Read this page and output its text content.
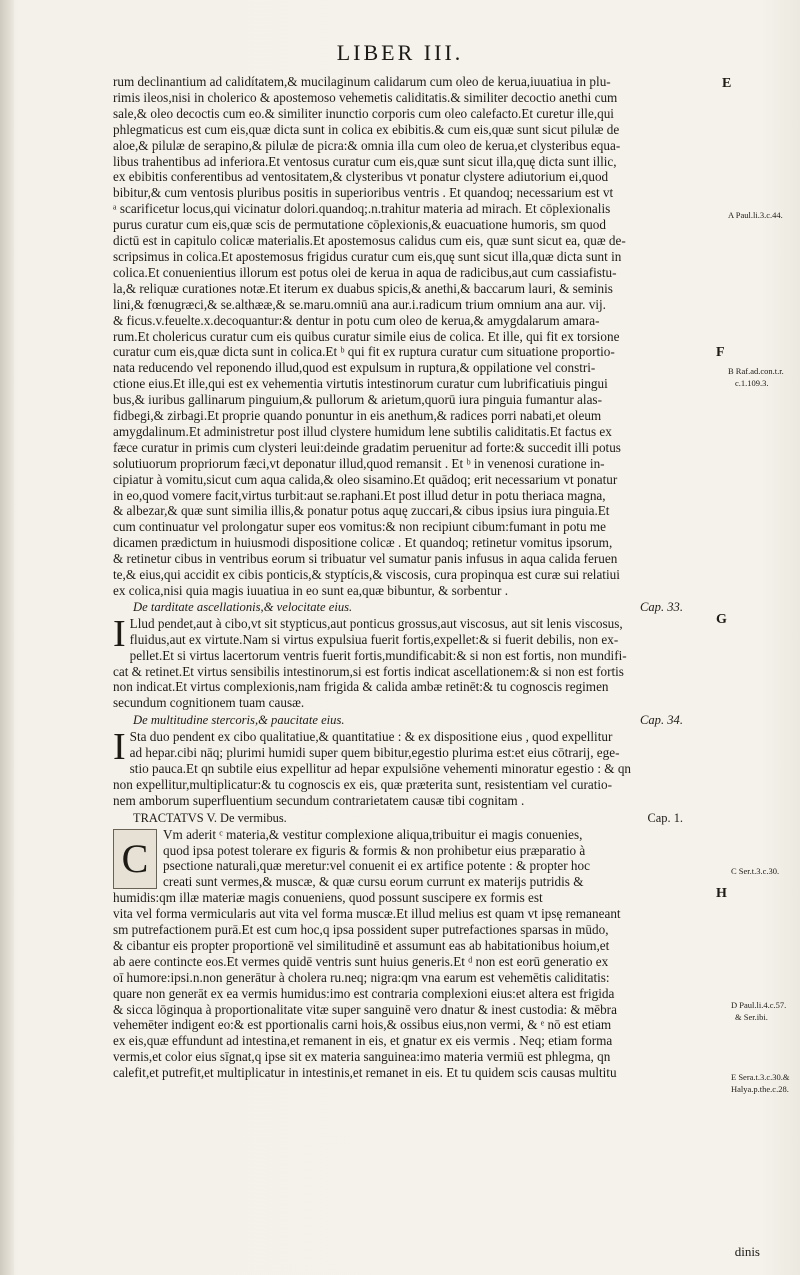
LIBER III.
rum declinantium ad calidítatem,& mucilaginum calidarum cum oleo de kerua,iuuatiua in plu-
rimis ileos,nisi in cholerico & apostemoso vehemetis caliditatis.& similiter decoctio anethi cum
sale,& oleo decoctis cum eo.& similiter inunctio corporis cum oleo calefacto.Et curetur ille,qui
phlegmaticus est cum eis,quæ dicta sunt in colica ex ebibitis.& cum eis,quæ sunt sicut pilulæ de
aloe,& pilulæ de serapino,& pilulæ de picra:& omnia illa cum oleo de kerua,et clysteribus equa-
libus trahentibus ad inferiora.Et ventosus curatur cum eis,quæ sunt sicut illa,quę dicta sunt illic,
ex ebibitis conferentibus ad ventositatem,& clysteribus vt ponatur clystere adiutorium ei,quod
bibitur,& cum ventosis pluribus positis in superioribus ventris . Et quandoq; necessarium est vt
ᵃ scarificetur locus,qui vicinatur dolori.quandoq;.n.trahitur materia ad mirach. Et cōplexionalis
purus curatur cum eis,quæ scis de permutatione cōplexionis,& euacuatione humoris, sm quod
dictū est in capitulo colicæ materialis.Et apostemosus calidus cum eis, quæ sunt sicut ea, quæ de-
scripsimus in colica.Et apostemosus frigidus curatur cum eis,quę sunt sicut illa,quæ dicta sunt in
colica.Et conuenientius illorum est potus olei de kerua in aqua de radicibus,aut cum cassiafistu-
la,& reliquæ curationes notæ.Et iterum ex duabus spicis,& anethi,& baccarum lauri, & seminis
lini,& fœnugræci,& se.althææ,& se.maru.omniū ana aur.i.radicum trium omnium ana aur. vij.
& ficus.v.feuelte.x.decoquantur:& dentur in potu cum oleo de kerua,& amygdalarum amara-
rum.Et cholericus curatur cum eis quibus curatur simile eius de colica. Et ille, qui fit ex torsione
curatur cum eis,quæ dicta sunt in colica.Et ᵇ qui fit ex ruptura curatur cum situatione proportio-
nata reducendo vel reponendo illud,quod est expulsum in ruptura,& oppilatione vel constri-
ctione eius.Et ille,qui est ex vehementia virtutis intestinorum curatur cum lubrificatiuis pingui
bus,& iuribus gallinarum pinguium,& pullorum & arietum,quorū iura pinguia fumantur alas-
fidbegi,& zirbagi.Et proprie quando ponuntur in eis anethum,& radices porri nabati,et oleum
amygdalinum.Et administretur post illud clystere humidum lene subtilis caliditatis.Et factus ex
fæce curatur in primis cum clysteri leui:deinde gradatim peruenitur ad forte:& succedit illi potus
solutiuorum propriorum fæci,vt deponatur illud,quod remansit . Et ᵇ in venenosi curatione in-
cipiatur à vomitu,sicut cum aqua calida,& oleo sisamino.Et quādoq; erit necessarium vt ponatur
in eo,quod vomere facit,virtus turbit:aut se.raphani.Et post illud detur in potu theriaca magna,
& albezar,& quæ sunt similia illis,& ponatur potus aquę zuccari,& cibus ipsius iura pinguia.Et
cum continuatur vel prolongatur super eos vomitus:& non recipiunt cibum:fumant in potu me
dicamen prædictum in huiusmodi dispositione colicæ . Et quandoq; retinetur vomitus ipsorum,
& retinetur cibus in ventribus eorum si tribuatur vel sumatur panis infusus in aqua calida feruen
te,& eius,qui accidit ex cibis ponticis,& styptícis,& viscosis, cura propinqua est curæ sui relatiui
ex colica,nisi quia magis iuuatiua in eo sunt ea,quæ bibuntur, & sorbentur .
De tarditate ascellationis,& velocitate eius.	Cap. 33.
I Llud pendet,aut à cibo,vt sit stypticus,aut ponticus grossus,aut viscosus, aut sit lenis viscosus,
fluidus,aut ex virtute.Nam si virtus expulsiua fuerit fortis,expellet:& si fuerit debilis, non ex-
pellet.Et si virtus lacertorum ventris fuerit fortis,mundificabit:& si non est fortis, non mundifi-
cat & retinet.Et virtus sensibilis intestinorum,si est fortis indicat ascellationem:& si non est fortis
non indicat.Et virtus complexionis,nam frigida & calida ambæ retinēt:& tu cognoscis regimen
secundum cognitionem tuam causæ.
De multitudine stercoris,& paucitate eius.	Cap. 34.
I Sta duo pendent ex cibo qualitatiue,& quantitatiue : & ex dispositione eius , quod expellitur
ad hepar.cibi nāq; plurimi humidi super quem bibitur,egestio plurima est:et eius cōtrarij, ege-
stio pauca.Et qn subtile eius expellitur ad hepar expulsiōne vehementi minoratur egestio : & qn
non expellitur,multiplicatur:& tu cognoscis ex eis, quæ præterita sunt, resistentiam vel curatio-
nem amborum superfluentium secundum contrarietatem causæ tibi cognitam .
TRACTATVS V. De vermibus.	Cap. 1.
C
Vm aderit ᶜ materia,& vestitur complexione aliqua,tribuitur ei magis conuenies,
quod ipsa potest tolerare ex figuris & formis & non prohibetur eius præparatio à
psectione naturali,quæ meretur:vel conuenit ei ex artifice potente : & propter hoc
creati sunt vermes,& muscæ, & quæ cursu eorum currunt ex materijs putridis &
humidis:qm illæ materiæ magis conueniens, quod possunt suscipere ex formis est
vita vel forma vermicularis aut vita vel forma muscæ.Et illud melius est quam vt ipsę remaneant
sm putrefactionem purā.Et est cum hoc,q ipsa possident super putrefactiones sparsas in mūdo,
& cibantur eis propter proportionē vel similitudinē et assumunt eas ab habitationibus hoium,et
ab aere contincte eos.Et vermes quidē ventris sunt huius generis.Et ᵈ non est eorū generatio ex
oī humore:ipsi.n.non generātur à cholera ru.neq; nigra:qm vna earum est vehemētis caliditatis:
quare non generāt ex ea vermis humidus:imo est contraria complexioni eius:et altera est frigida
& sicca lōginqua à proportionalitate vitæ super sanguinē vero dnatur & inest custodia: & mēbra
vehemēter indigent eo:& est pportionalis carni hois,& ossibus eius,non vermi, & ᵉ nō est etiam
ex eis,quæ effundunt ad intestina,et remanent in eis, et gnatur ex eis vermis . Neq; etiam forma
vermis,et color eius sīgnat,q ipse sit ex materia sanguinea:imo materia vermiū est phlegma, qn
calefit,et putrefit,et multiplicatur in intestinis,et remanet in eis. Et tu quidem scis causas multitu
E
F
G
H
A Paul.li.3.c.44.
B Raf.ad.con.t.r.
c.1.109.3.
C Ser.t.3.c.30.
D Paul.li.4.c.57.
& Ser.ibi.
E Sera.t.3.c.30.&
Halya.p.the.c.28.
dinis
